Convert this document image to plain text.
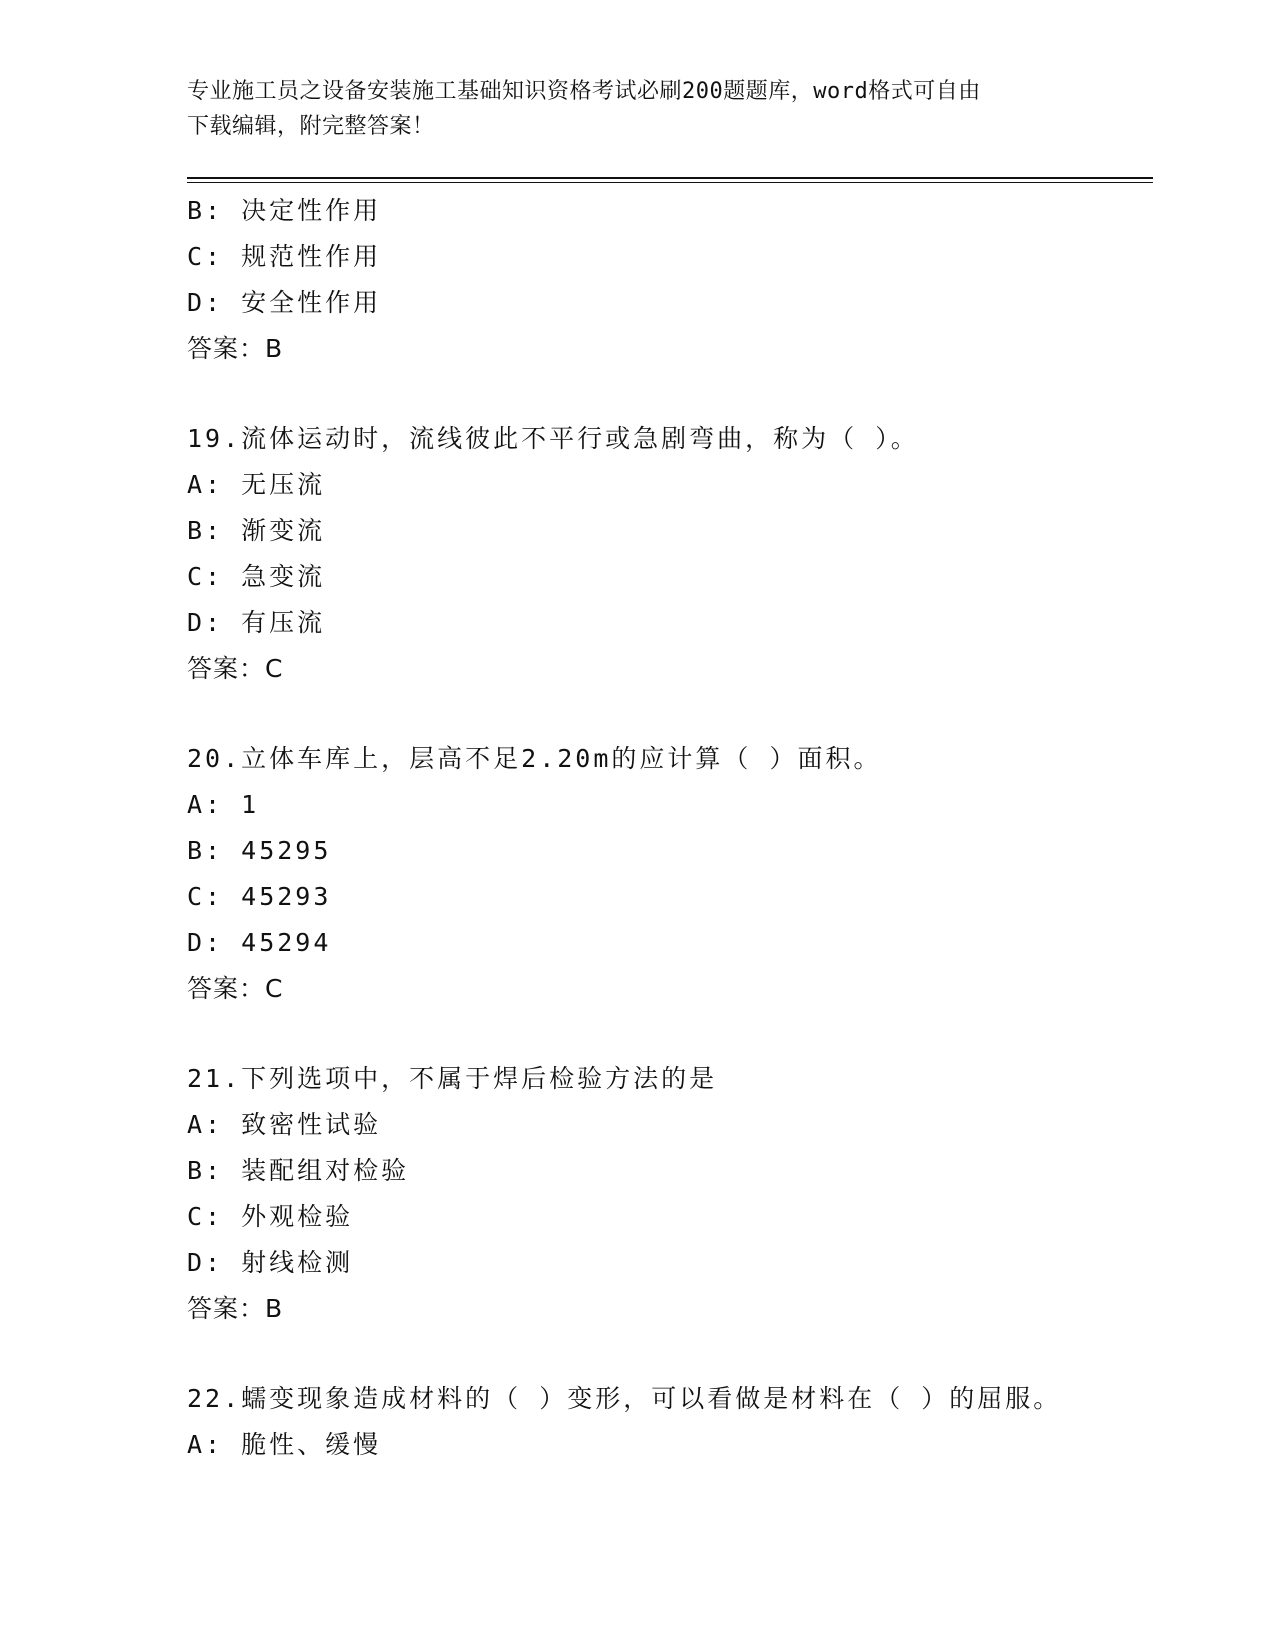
专业施工员之设备安装施工基础知识资格考试必刷200题题库，word格式可自由
下载编辑，附完整答案！
B: 决定性作用
C: 规范性作用
D: 安全性作用
答案：B
19.流体运动时，流线彼此不平行或急剧弯曲，称为（ ）。
A: 无压流
B: 渐变流
C: 急变流
D: 有压流
答案：C
20.立体车库上，层高不足2.20m的应计算（ ）面积。
A: 1
B: 45295
C: 45293
D: 45294
答案：C
21.下列选项中，不属于焊后检验方法的是
A: 致密性试验
B: 装配组对检验
C: 外观检验
D: 射线检测
答案：B
22.蠕变现象造成材料的（ ）变形，可以看做是材料在（ ）的屈服。
A: 脆性、缓慢
